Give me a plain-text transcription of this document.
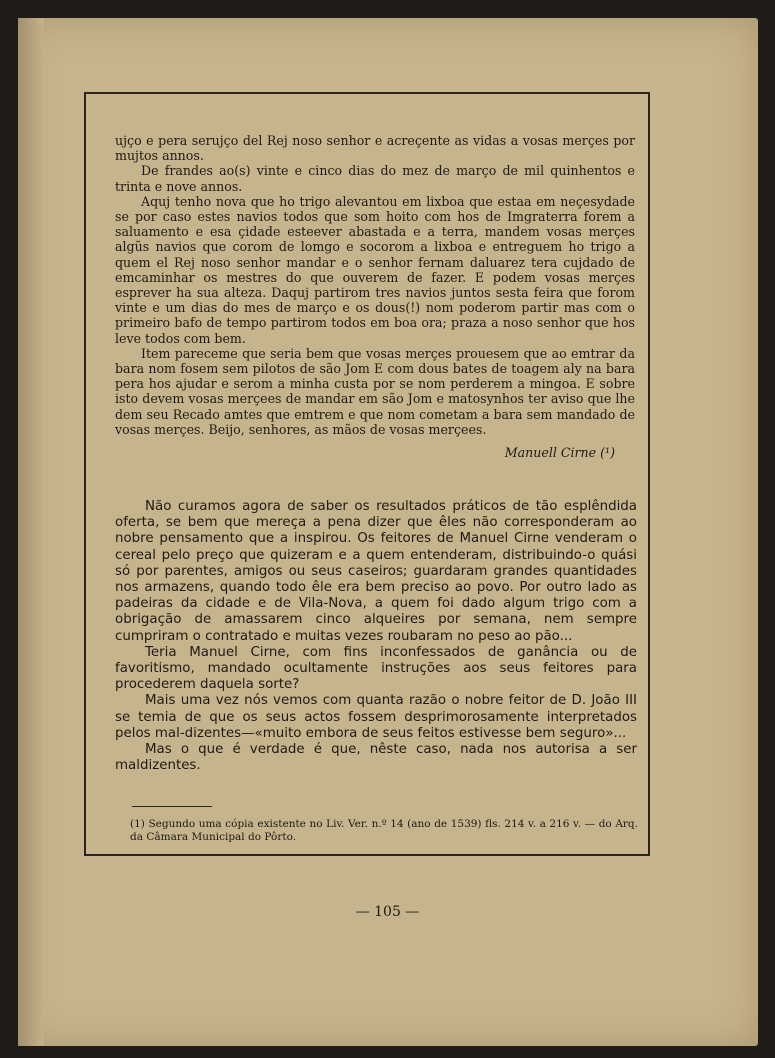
ujço e pera serujço del Rej noso senhor e acreçente as vidas a vosas merçes por mujtos annos.

De frandes ao(s) vinte e cinco dias do mez de março de mil quinhentos e trinta e nove annos.

Aquj tenho nova que ho trigo alevantou em lixboa que estaa em neçesydade se por caso estes navios todos que som hoito com hos de Imgraterra forem a saluamento e esa çidade esteever abastada e a terra, mandem vosas merçes algũs navios que corom de lomgo e socorom a lixboa e entreguem ho trigo a quem el Rej noso senhor mandar e o senhor fernam daluarez tera cujdado de emcaminhar os mestres do que ouverem de fazer. E podem vosas merçes esprever ha sua alteza. Daquj partirom tres navios juntos sesta feira que forom vinte e um dias do mes de março e os dous(!) nom poderom partir mas com o primeiro bafo de tempo partirom todos em boa ora; praza a noso senhor que hos leve todos com bem.

Item pareceme que seria bem que vosas merçes prouesem que ao emtrar da bara nom fosem sem pilotos de são Jom E com dous bates de toagem aly na bara pera hos ajudar e serom a minha custa por se nom perderem a mingoa. E sobre isto devem vosas merçees de mandar em são Jom e matosynhos ter aviso que lhe dem seu Recado amtes que emtrem e que nom cometam a bara sem mandado de vosas merçes. Beijo, senhores, as mãos de vosas merçees.

Manuell Cirne (¹)

Não curamos agora de saber os resultados práticos de tão esplêndida oferta, se bem que mereça a pena dizer que êles não corresponderam ao nobre pensamento que a inspirou. Os feitores de Manuel Cirne venderam o cereal pelo preço que quizeram e a quem entenderam, distribuindo-o quási só por parentes, amigos ou seus caseiros; guardaram grandes quantidades nos armazens, quando todo êle era bem preciso ao povo. Por outro lado as padeiras da cidade e de Vila-Nova, a quem foi dado algum trigo com a obrigação de amassarem cinco alqueires por semana, nem sempre cumpriram o contratado e muitas vezes roubaram no peso ao pão...

Teria Manuel Cirne, com fins inconfessados de ganância ou de favoritismo, mandado ocultamente instruções aos seus feitores para procederem daquela sorte?

Mais uma vez nós vemos com quanta razão o nobre feitor de D. João III se temia de que os seus actos fossem desprimorosamente interpretados pelos mal-dizentes—«muito embora de seus feitos estivesse bem seguro»...

Mas o que é verdade é que, nêste caso, nada nos autorisa a ser maldizentes.

(1) Segundo uma cópia existente no Liv. Ver. n.º 14 (ano de 1539) fls. 214 v. a 216 v. — do Arq. da Câmara Municipal do Pôrto.
— 105 —
